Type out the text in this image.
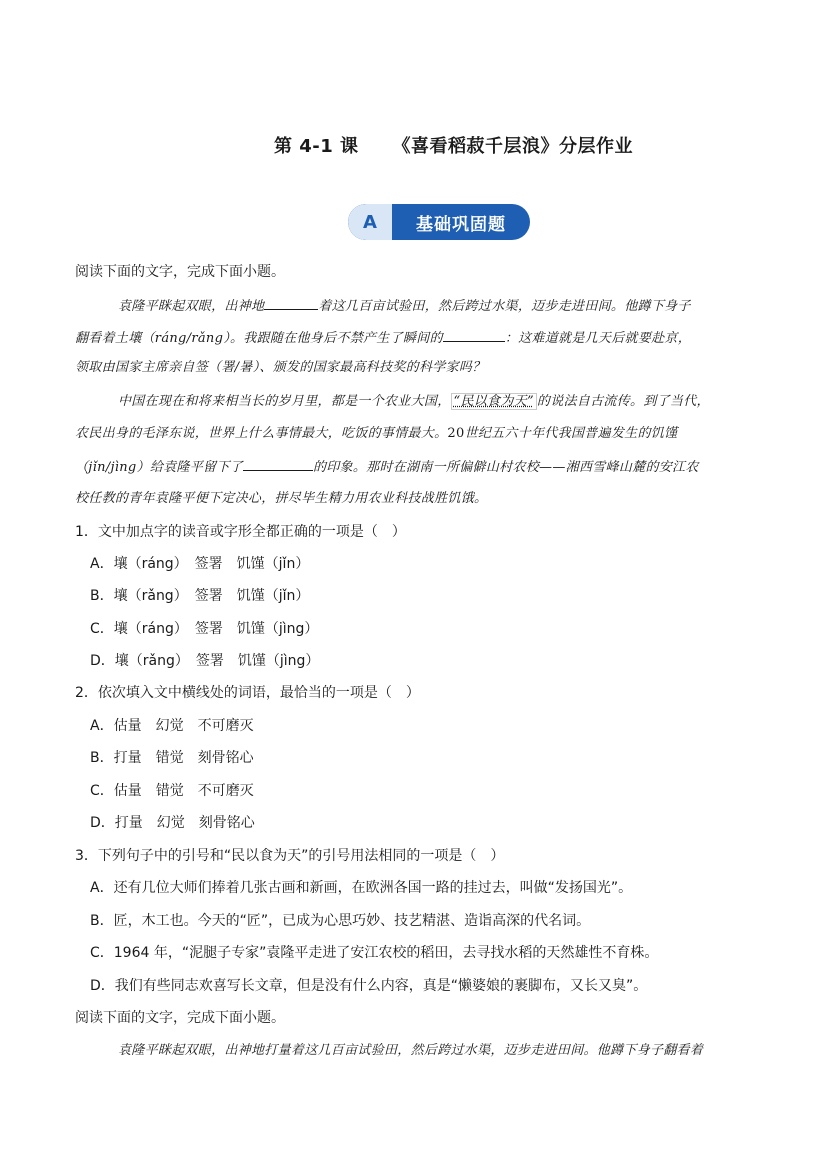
第 4-1 课 《喜看稻菽千层浪》分层作业
A	基础巩固题
阅读下面的文字，完成下面小题。
袁隆平眯起双眼，出神地	着这几百亩试验田，然后跨过水渠，迈步走进田间。他蹲下身子
翻看着土壤（ráng/rǎng）。我跟随在他身后不禁产生了瞬间的	：这难道就是几天后就要赴京，
领取由国家主席亲自签（署/暑）、颁发的国家最高科技奖的科学家吗？
中国在现在和将来相当长的岁月里，都是一个农业大国， “民以食为天” 的说法自古流传。到了当代，
农民出身的毛泽东说，世界上什么事情最大，吃饭的事情最大。20世纪五六十年代我国普遍发生的饥馑
（jǐn/jìng）给袁隆平留下了	的印象。那时在湖南一所偏僻山村农校——湘西雪峰山麓的安江农
校任教的青年袁隆平便下定决心，拼尽毕生精力用农业科技战胜饥饿。
1．文中加点字的读音或字形全都正确的一项是（　）
A．壤（ráng）　签署　饥馑（jǐn）
B．壤（rǎng）　签署　饥馑（jǐn）
C．壤（ráng）　签署　饥馑（jìng）
D．壤（rǎng）　签署　饥馑（jìng）
2．依次填入文中横线处的词语，最恰当的一项是（　）
A．估量　幻觉　不可磨灭
B．打量　错觉　刻骨铭心
C．估量　错觉　不可磨灭
D．打量　幻觉　刻骨铭心
3．下列句子中的引号和“民以食为天”的引号用法相同的一项是（　）
A．还有几位大师们捧着几张古画和新画，在欧洲各国一路的挂过去，叫做“发扬国光”。
B．匠，木工也。今天的“匠”，已成为心思巧妙、技艺精湛、造诣高深的代名词。
C．1964 年，“泥腿子专家”袁隆平走进了安江农校的稻田，去寻找水稻的天然雄性不育株。
D．我们有些同志欢喜写长文章，但是没有什么内容，真是“懒婆娘的裹脚布，又长又臭”。
阅读下面的文字，完成下面小题。
袁隆平眯起双眼，出神地打量着这几百亩试验田，然后跨过水渠，迈步走进田间。他蹲下身子翻看着
